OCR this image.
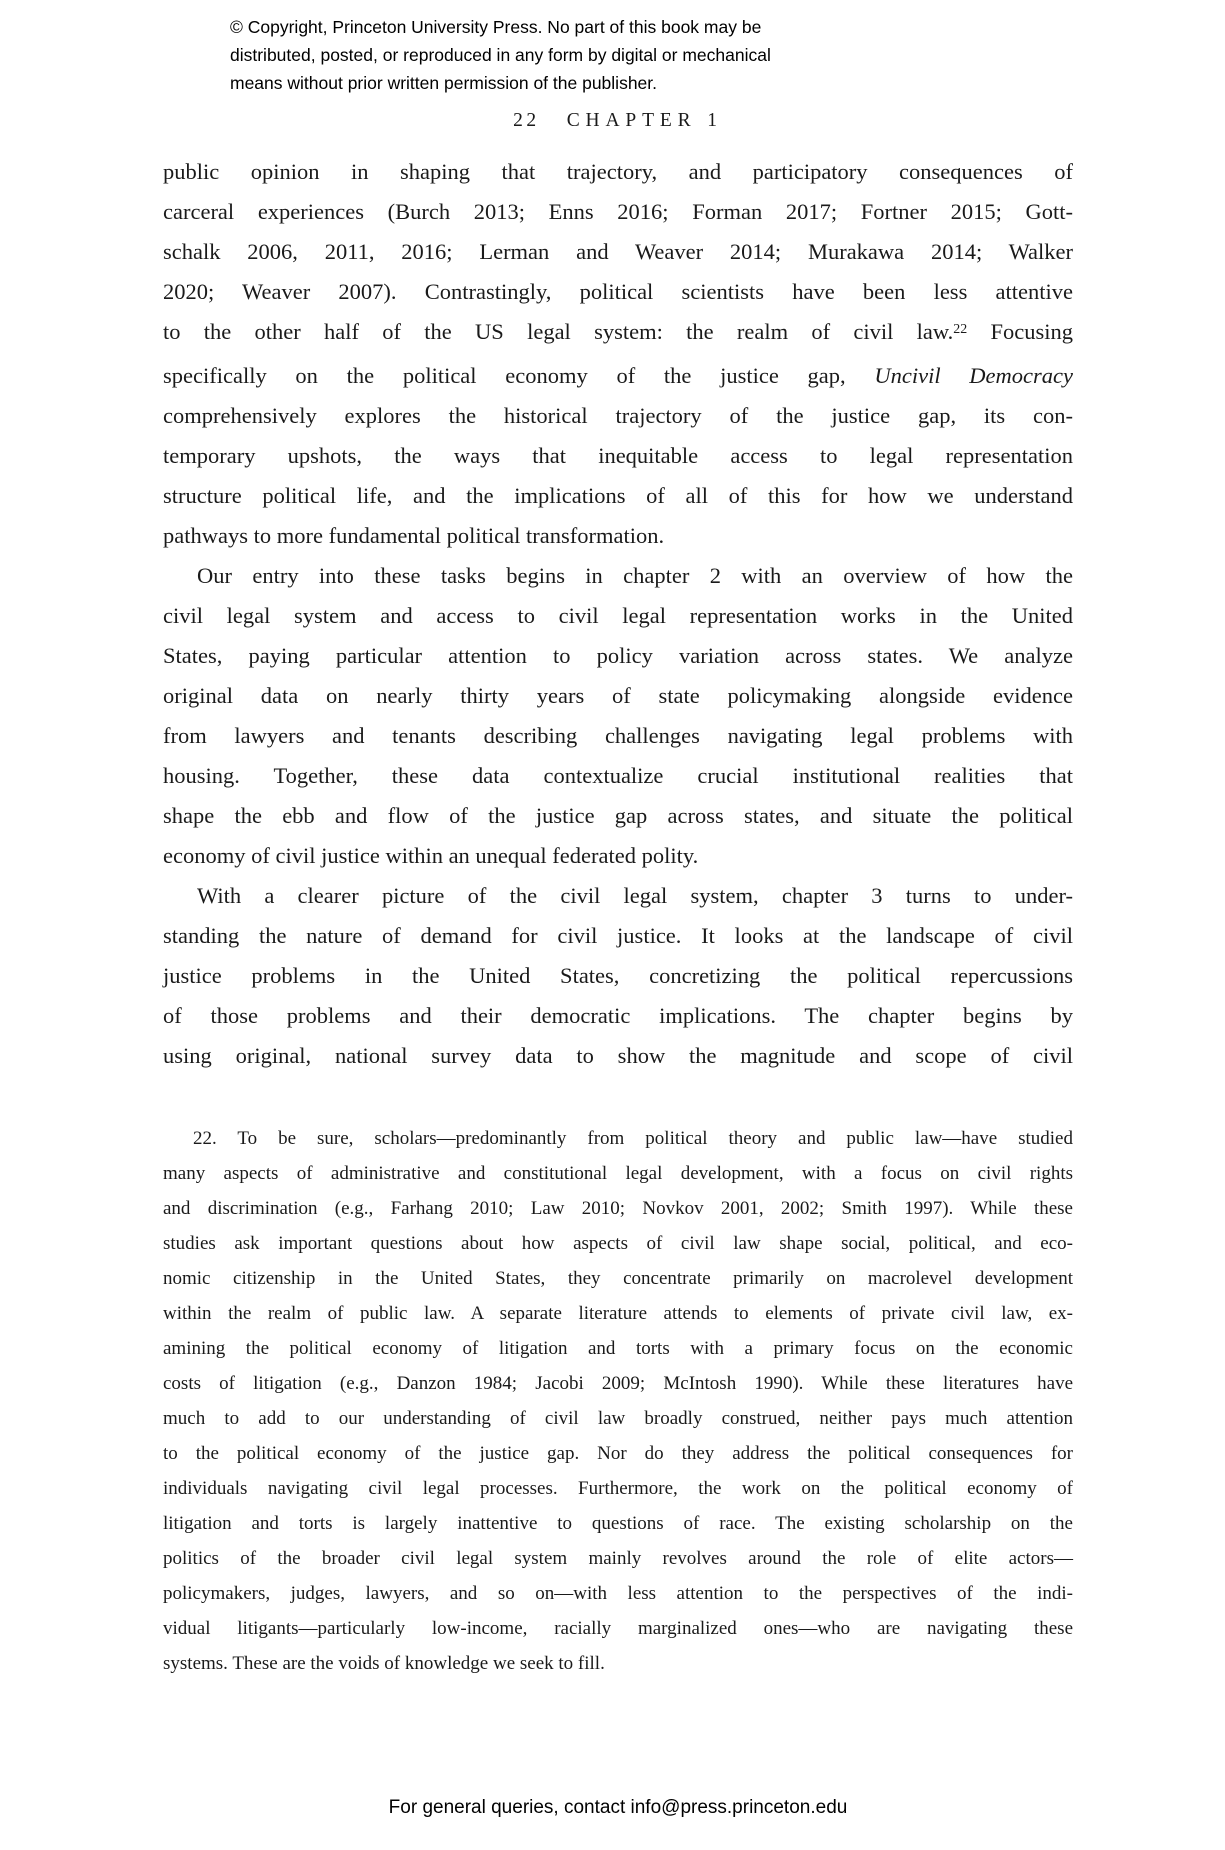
© Copyright, Princeton University Press. No part of this book may be
distributed, posted, or reproduced in any form by digital or mechanical
means without prior written permission of the publisher.
22 CHAPTER 1
public opinion in shaping that trajectory, and participatory consequences of
carceral experiences (Burch 2013; Enns 2016; Forman 2017; Fortner 2015; Gott-
schalk 2006, 2011, 2016; Lerman and Weaver 2014; Murakawa 2014; Walker
2020; Weaver 2007). Contrastingly, political scientists have been less attentive
to the other half of the US legal system: the realm of civil law.$^{22}$ Focusing
specifically on the political economy of the justice gap, Uncivil Democracy
comprehensively explores the historical trajectory of the justice gap, its con-
temporary upshots, the ways that inequitable access to legal representation
structure political life, and the implications of all of this for how we understand
pathways to more fundamental political transformation.
Our entry into these tasks begins in chapter 2 with an overview of how the
civil legal system and access to civil legal representation works in the United
States, paying particular attention to policy variation across states. We analyze
original data on nearly thirty years of state policymaking alongside evidence
from lawyers and tenants describing challenges navigating legal problems with
housing. Together, these data contextualize crucial institutional realities that
shape the ebb and flow of the justice gap across states, and situate the political
economy of civil justice within an unequal federated polity.
With a clearer picture of the civil legal system, chapter 3 turns to under-
standing the nature of demand for civil justice. It looks at the landscape of civil
justice problems in the United States, concretizing the political repercussions
of those problems and their democratic implications. The chapter begins by
using original, national survey data to show the magnitude and scope of civil
22. To be sure, scholars—predominantly from political theory and public law—have studied
many aspects of administrative and constitutional legal development, with a focus on civil rights
and discrimination (e.g., Farhang 2010; Law 2010; Novkov 2001, 2002; Smith 1997). While these
studies ask important questions about how aspects of civil law shape social, political, and eco-
nomic citizenship in the United States, they concentrate primarily on macrolevel development
within the realm of public law. A separate literature attends to elements of private civil law, ex-
amining the political economy of litigation and torts with a primary focus on the economic
costs of litigation (e.g., Danzon 1984; Jacobi 2009; McIntosh 1990). While these literatures have
much to add to our understanding of civil law broadly construed, neither pays much attention
to the political economy of the justice gap. Nor do they address the political consequences for
individuals navigating civil legal processes. Furthermore, the work on the political economy of
litigation and torts is largely inattentive to questions of race. The existing scholarship on the
politics of the broader civil legal system mainly revolves around the role of elite actors—
policymakers, judges, lawyers, and so on—with less attention to the perspectives of the indi-
vidual litigants—particularly low-income, racially marginalized ones—who are navigating these
systems. These are the voids of knowledge we seek to fill.
For general queries, contact info@press.princeton.edu
